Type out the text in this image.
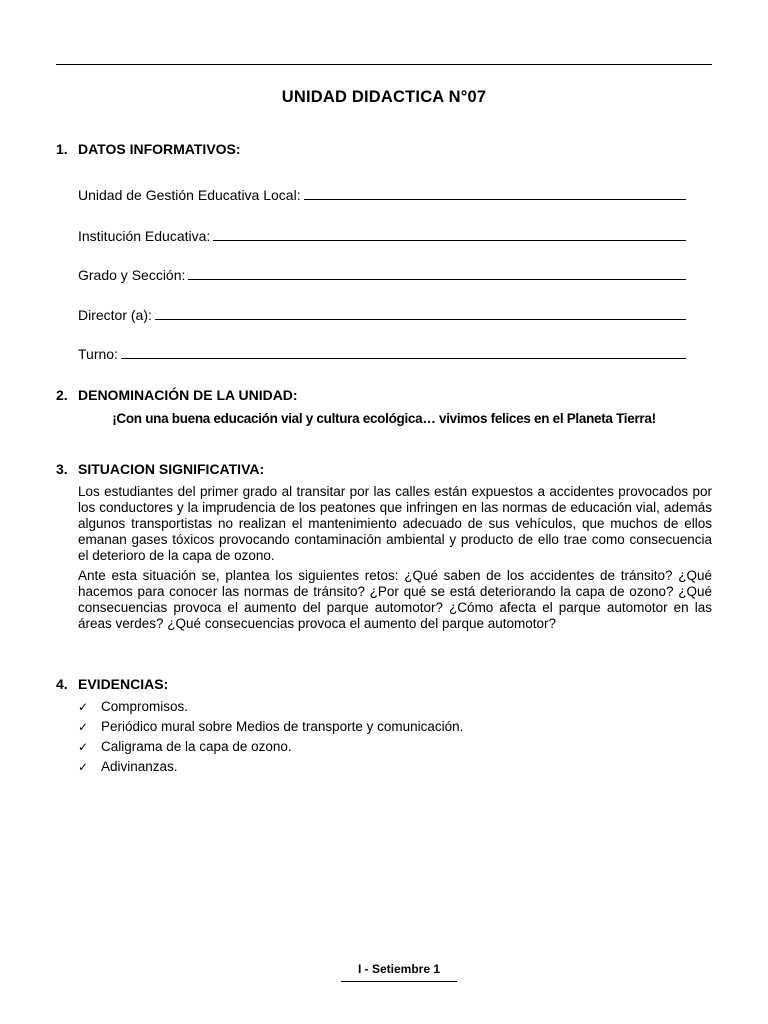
UNIDAD DIDACTICA N°07
1. DATOS INFORMATIVOS:
Unidad de Gestión Educativa Local:
Institución Educativa:
Grado y Sección:
Director (a):
Turno:
2. DENOMINACIÓN DE LA UNIDAD:
¡Con una buena educación vial y cultura ecológica… vivimos felices en el Planeta Tierra!
3. SITUACION SIGNIFICATIVA:

Los estudiantes del primer grado al transitar por las calles están expuestos a accidentes provocados por los conductores y la imprudencia de los peatones que infringen en las normas de educación vial, además algunos transportistas no realizan el mantenimiento adecuado de sus vehículos, que muchos de ellos emanan gases tóxicos provocando contaminación ambiental y producto de ello trae como consecuencia el deterioro de la capa de ozono.

Ante esta situación se, plantea los siguientes retos: ¿Qué saben de los accidentes de tránsito? ¿Qué hacemos para conocer las normas de tránsito? ¿Por qué se está deteriorando la capa de ozono? ¿Qué consecuencias provoca el aumento del parque automotor? ¿Cómo afecta el parque automotor en las áreas verdes? ¿Qué consecuencias provoca el aumento del parque automotor?

4. EVIDENCIAS:
✓ Compromisos.
✓ Periódico mural sobre Medios de transporte y comunicación.
✓ Caligrama de la capa de ozono.
✓ Adivinanzas.
I - Setiembre 1
